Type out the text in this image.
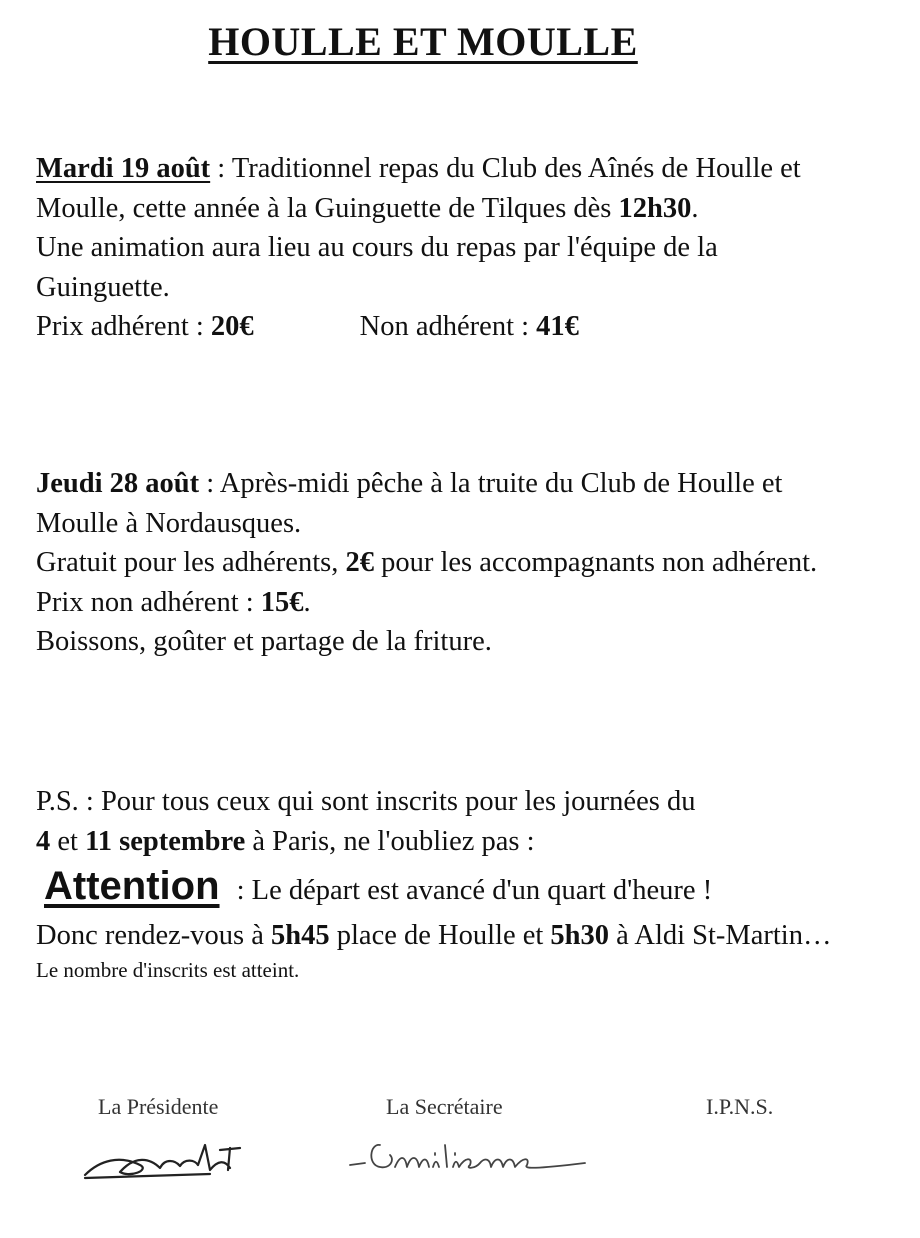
HOULLE ET MOULLE

Mardi 19 août : Traditionnel repas du Club des Aînés de Houlle et Moulle, cette année à la Guinguette de Tilques dès 12h30.

Une animation aura lieu au cours du repas par l'équipe de la Guinguette.

Prix adhérent : 20€	Non adhérent : 41€

Jeudi 28 août : Après-midi pêche à la truite du Club de Houlle et Moulle à Nordausques.

Gratuit pour les adhérents, 2€ pour les accompagnants non adhérent.

Prix non adhérent : 15€.

Boissons, goûter et partage de la friture.

P.S. : Pour tous ceux qui sont inscrits pour les journées du
4 et 11 septembre à Paris, ne l'oubliez pas :

Attention : Le départ est avancé d'un quart d'heure !

Donc rendez-vous à 5h45 place de Houlle et 5h30 à Aldi St-Martin…

Le nombre d'inscrits est atteint.

La Présidente	La Secrétaire	I.P.N.S.
